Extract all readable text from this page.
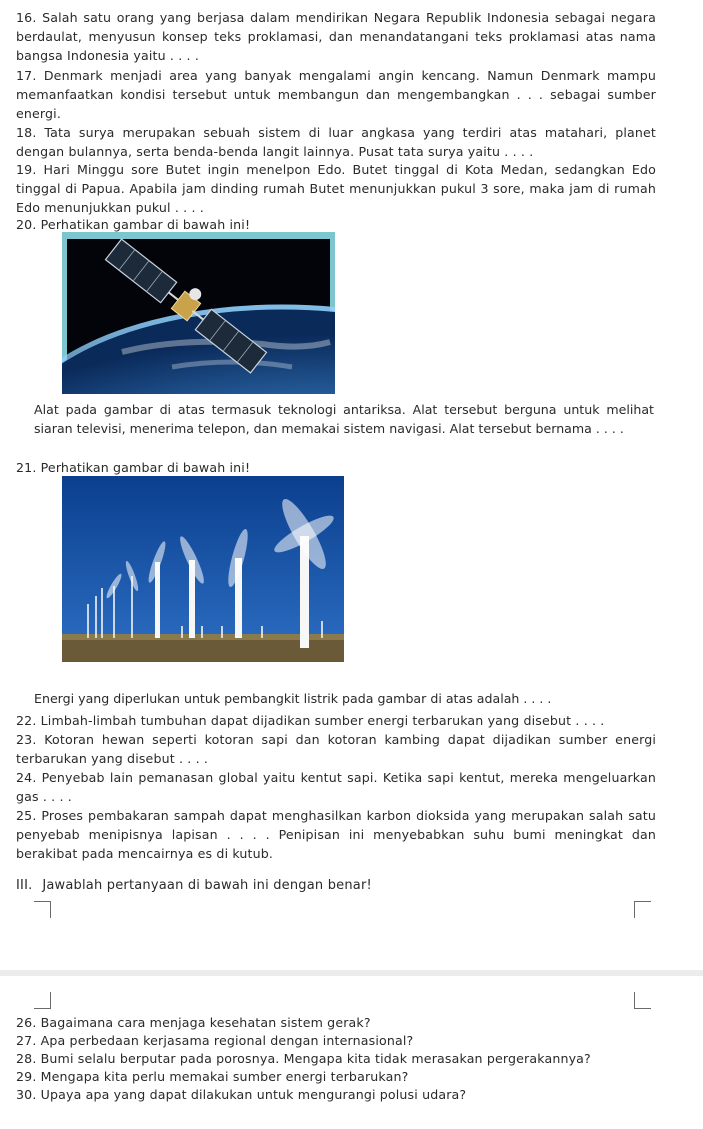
16. Salah satu orang yang berjasa dalam mendirikan Negara Republik Indonesia sebagai negara berdaulat, menyusun konsep teks proklamasi, dan menandatangani teks proklamasi atas nama bangsa Indonesia yaitu . . . .
17. Denmark menjadi area yang banyak mengalami angin kencang. Namun Denmark mampu memanfaatkan kondisi tersebut untuk membangun dan mengembangkan . . . sebagai sumber energi.
18. Tata surya merupakan sebuah sistem di luar angkasa yang terdiri atas matahari, planet dengan bulannya, serta benda-benda langit lainnya. Pusat tata surya yaitu . . . .
19. Hari Minggu sore Butet ingin menelpon Edo. Butet tinggal di Kota Medan, sedangkan Edo tinggal di Papua. Apabila jam dinding rumah Butet menunjukkan pukul 3 sore, maka jam di rumah Edo menunjukkan pukul . . . .
20. Perhatikan gambar di bawah ini!
Alat pada gambar di atas termasuk teknologi antariksa. Alat tersebut berguna untuk melihat siaran televisi, menerima telepon, dan memakai sistem navigasi. Alat tersebut bernama . . . .
21. Perhatikan gambar di bawah ini!
Energi yang diperlukan untuk pembangkit listrik pada gambar di atas adalah . . . .
22. Limbah-limbah tumbuhan dapat dijadikan sumber energi terbarukan yang disebut . . . .
23. Kotoran hewan seperti kotoran sapi dan kotoran kambing dapat dijadikan sumber energi terbarukan yang disebut . . . .
24. Penyebab lain pemanasan global yaitu kentut sapi. Ketika sapi kentut, mereka mengeluarkan gas . . . .
25. Proses pembakaran sampah dapat menghasilkan karbon dioksida yang merupakan salah satu penyebab menipisnya lapisan . . . . Penipisan ini menyebabkan suhu bumi meningkat dan berakibat pada mencairnya es di kutub.
III. Jawablah pertanyaan di bawah ini dengan benar!
26. Bagaimana cara menjaga kesehatan sistem gerak?
27. Apa perbedaan kerjasama regional dengan internasional?
28. Bumi selalu berputar pada porosnya. Mengapa kita tidak merasakan pergerakannya?
29. Mengapa kita perlu memakai sumber energi terbarukan?
30. Upaya apa yang dapat dilakukan untuk mengurangi polusi udara?
